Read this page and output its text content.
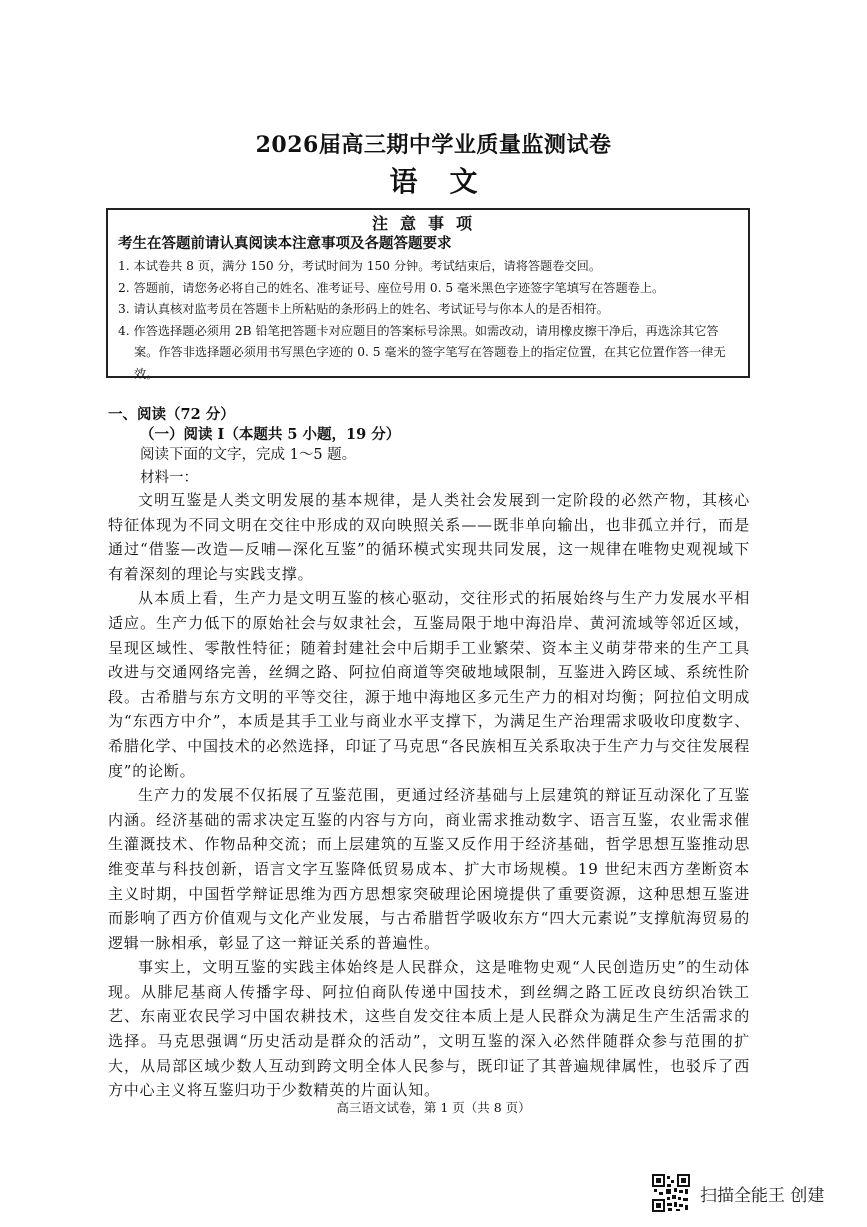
2026届高三期中学业质量监测试卷
语文
注意事项
考生在答题前请认真阅读本注意事项及各题答题要求
1. 本试卷共 8 页，满分 150 分，考试时间为 150 分钟。考试结束后，请将答题卷交回。
2. 答题前，请您务必将自己的姓名、准考证号、座位号用 0. 5 毫米黑色字迹签字笔填写在答题卷上。
3. 请认真核对监考员在答题卡上所粘贴的条形码上的姓名、考试证号与你本人的是否相符。
4. 作答选择题必须用 2B 铅笔把答题卡对应题目的答案标号涂黑。如需改动，请用橡皮擦干净后，再选涂其它答案。作答非选择题必须用书写黑色字迹的 0. 5 毫米的签字笔写在答题卷上的指定位置，在其它位置作答一律无效。
一、阅读（72 分）
（一）阅读 I（本题共 5 小题，19 分）
阅读下面的文字，完成 1～5 题。
材料一：

文明互鉴是人类文明发展的基本规律，是人类社会发展到一定阶段的必然产物，其核心特征体现为不同文明在交往中形成的双向映照关系——既非单向输出，也非孤立并行，而是通过“借鉴—改造—反哺—深化互鉴”的循环模式实现共同发展，这一规律在唯物史观视域下有着深刻的理论与实践支撑。

从本质上看，生产力是文明互鉴的核心驱动，交往形式的拓展始终与生产力发展水平相适应。生产力低下的原始社会与奴隶社会，互鉴局限于地中海沿岸、黄河流域等邻近区域，呈现区域性、零散性特征；随着封建社会中后期手工业繁荣、资本主义萌芽带来的生产工具改进与交通网络完善，丝绸之路、阿拉伯商道等突破地域限制，互鉴进入跨区域、系统性阶段。古希腊与东方文明的平等交往，源于地中海地区多元生产力的相对均衡；阿拉伯文明成为“东西方中介”，本质是其手工业与商业水平支撑下，为满足生产治理需求吸收印度数字、希腊化学、中国技术的必然选择，印证了马克思“各民族相互关系取决于生产力与交往发展程度”的论断。

生产力的发展不仅拓展了互鉴范围，更通过经济基础与上层建筑的辩证互动深化了互鉴内涵。经济基础的需求决定互鉴的内容与方向，商业需求推动数字、语言互鉴，农业需求催生灌溉技术、作物品种交流；而上层建筑的互鉴又反作用于经济基础，哲学思想互鉴推动思维变革与科技创新，语言文字互鉴降低贸易成本、扩大市场规模。19 世纪末西方垄断资本主义时期，中国哲学辩证思维为西方思想家突破理论困境提供了重要资源，这种思想互鉴进而影响了西方价值观与文化产业发展，与古希腊哲学吸收东方“四大元素说”支撑航海贸易的逻辑一脉相承，彰显了这一辩证关系的普遍性。

事实上，文明互鉴的实践主体始终是人民群众，这是唯物史观“人民创造历史”的生动体现。从腓尼基商人传播字母、阿拉伯商队传递中国技术，到丝绸之路工匠改良纺织冶铁工艺、东南亚农民学习中国农耕技术，这些自发交往本质上是人民群众为满足生产生活需求的选择。马克思强调“历史活动是群众的活动”，文明互鉴的深入必然伴随群众参与范围的扩大，从局部区域少数人互动到跨文明全体人民参与，既印证了其普遍规律属性，也驳斥了西方中心主义将互鉴归功于少数精英的片面认知。

高三语文试卷，第 1 页（共 8 页）
扫描全能王 创建
